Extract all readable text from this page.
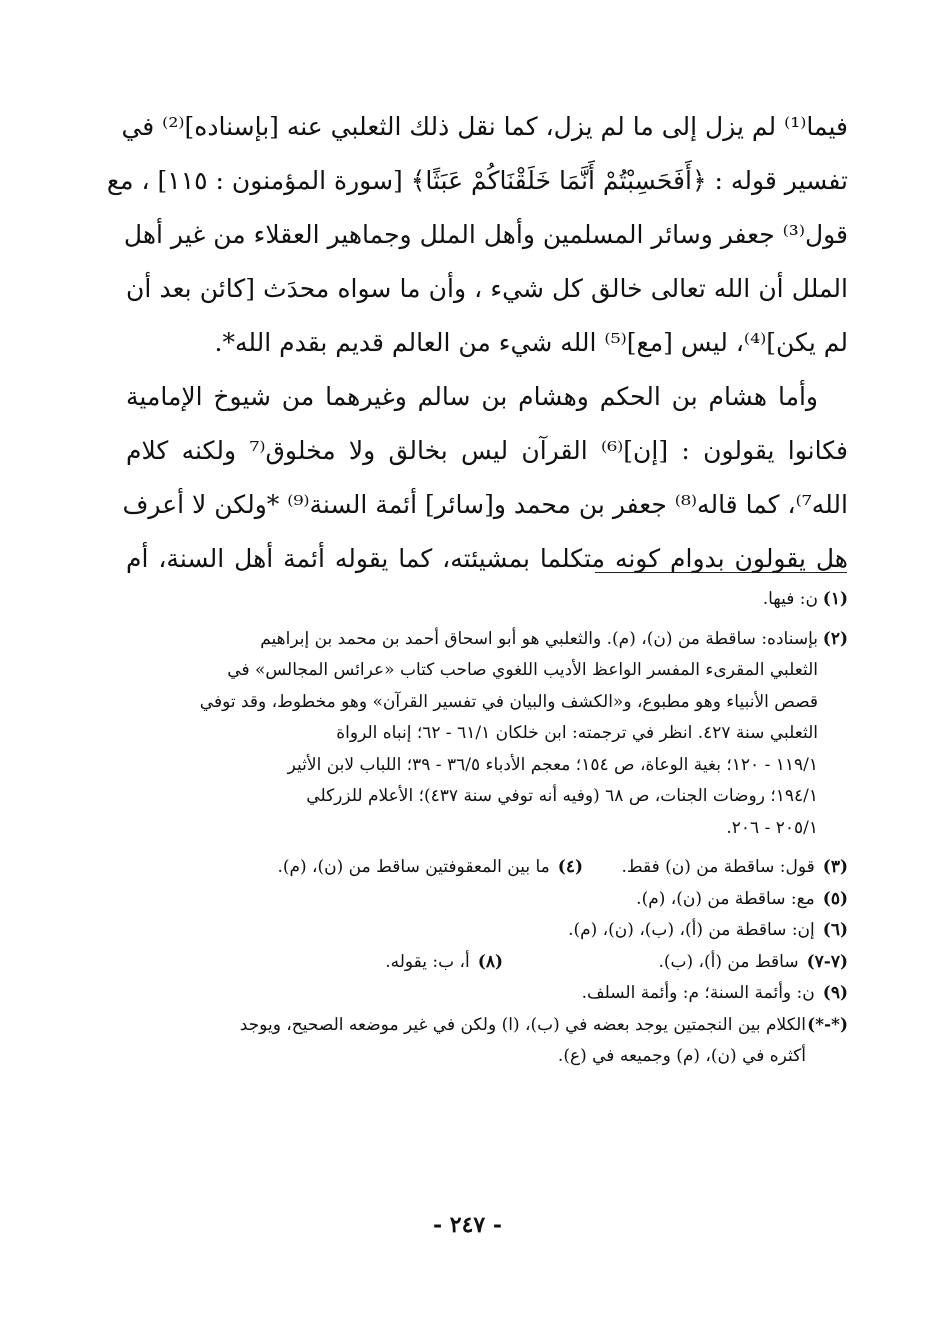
فيما⁽¹⁾ لم يزل إلى ما لم يزل، كما نقل ذلك الثعلبي عنه [بإسناده]⁽²⁾ في
تفسير قوله : ﴿أَفَحَسِبْتُمْ أَنَّمَا خَلَقْنَاكُمْ عَبَثًا﴾ [سورة المؤمنون : ١١٥] ، مع
قول⁽³⁾ جعفر وسائر المسلمين وأهل الملل وجماهير العقلاء من غير أهل
الملل أن الله تعالى خالق كل شيء ، وأن ما سواه محدَث [كائن بعد أن
لم يكن]⁽⁴⁾، ليس [مع]⁽⁵⁾ الله شيء من العالم قديم بقدم الله*.
وأما هشام بن الحكم وهشام بن سالم وغيرهما من شيوخ الإمامية
فكانوا يقولون : [إن]⁽⁶⁾ القرآن ليس بخالق ولا مخلوق⁽⁷ ولكنه كلام
الله⁷⁾، كما قاله⁽⁸⁾ جعفر بن محمد و[سائر] أئمة السنة⁽⁹⁾ *ولكن لا أعرف
هل يقولون بدوام كونه متكلما بمشيئته، كما يقوله أئمة أهل السنة، أم
(١)
ن: فيها.
(٢)
بإسناده: ساقطة من (ن)، (م). والثعلبي هو أبو اسحاق أحمد بن محمد بن إبراهيم
الثعلبي المقرىء المفسر الواعظ الأديب اللغوي صاحب كتاب «عرائس المجالس» في
قصص الأنبياء وهو مطبوع، و«الكشف والبيان في تفسير القرآن» وهو مخطوط، وقد توفي
الثعلبي سنة ٤٢٧. انظر في ترجمته: ابن خلكان ٦١/١ - ٦٢؛ إنباه الرواة
١١٩/١ - ١٢٠؛ بغية الوعاة، ص ١٥٤؛ معجم الأدباء ٣٦/٥ - ٣٩؛ اللباب لابن الأثير
١٩٤/١؛ روضات الجنات، ص ٦٨ (وفيه أنه توفي سنة ٤٣٧)؛ الأعلام للزركلي
٢٠٥/١ - ٢٠٦.
(٣)قول: ساقطة من (ن) فقط.
(٤)ما بين المعقوفتين ساقط من (ن)، (م).
(٥)مع: ساقطة من (ن)، (م).
(٦)إن: ساقطة من (أ)، (ب)، (ن)، (م).
(٧-٧)ساقط من (أ)، (ب).
(٨)أ، ب: يقوله.
(٩)ن: وأئمة السنة؛ م: وأئمة السلف.
(*-*)
الكلام بين النجمتين يوجد بعضه في (ب)، (ا) ولكن في غير موضعه الصحيح، ويوجد
أكثره في (ن)، (م) وجميعه في (ع).
- ٢٤٧ -
